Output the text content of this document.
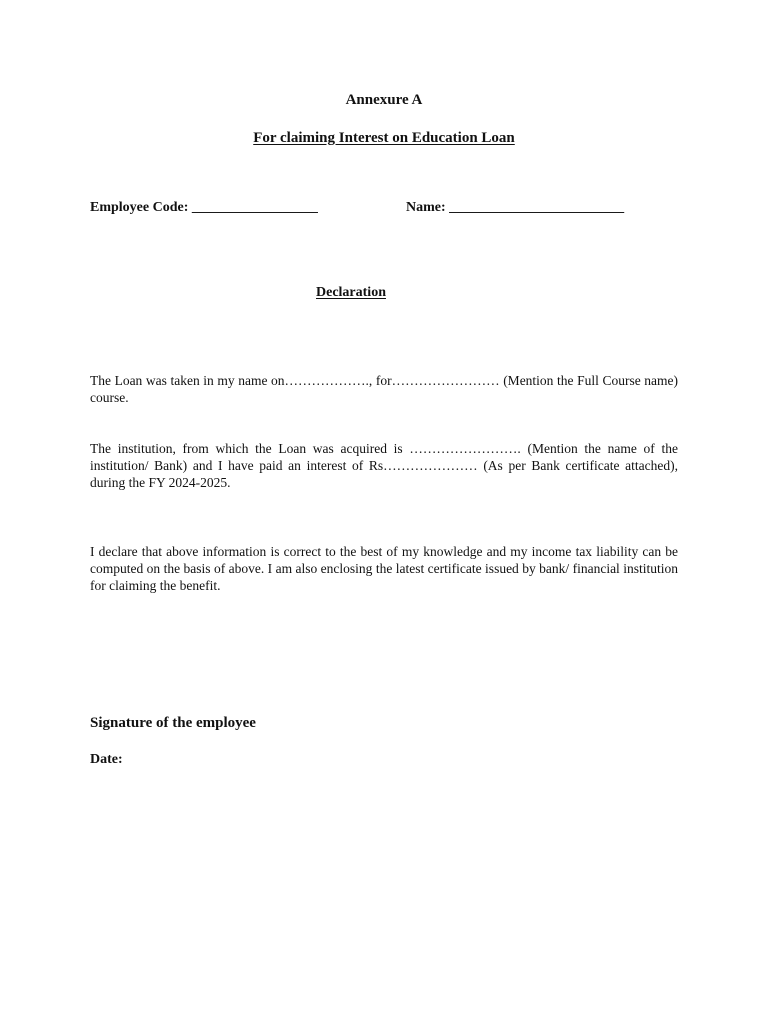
Annexure A
For claiming Interest on Education Loan
Employee Code: __________________	Name: _________________________
Declaration
The Loan was taken in my name on………………., for…………………… (Mention the Full Course name) course.
The institution, from which the Loan was acquired is ……………………. (Mention the name of the institution/ Bank) and I have paid an interest of Rs………………… (As per Bank certificate attached), during the FY 2024-2025.
I declare that above information is correct to the best of my knowledge and my income tax liability can be computed on the basis of above. I am also enclosing the latest certificate issued by bank/ financial institution for claiming the benefit.
Signature of the employee
Date:
